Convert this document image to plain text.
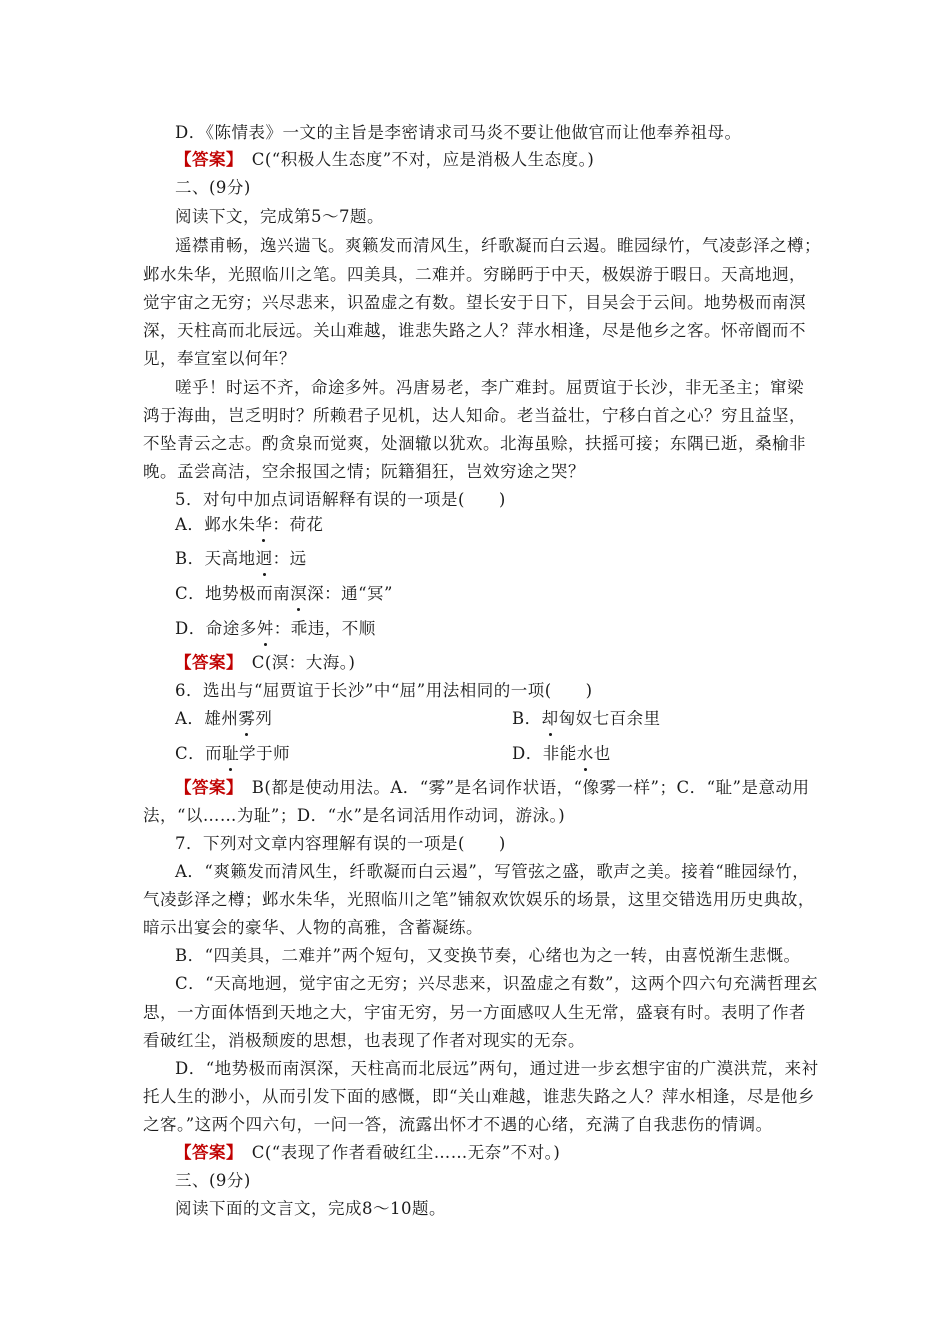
D．《陈情表》一文的主旨是李密请求司马炎不要让他做官而让他奉养祖母。
【答案】　 C(“积极人生态度”不对，应是消极人生态度。)
二、(9分)
阅读下文，完成第5～7题。
遥襟甫畅，逸兴遄飞。爽籁发而清风生，纤歌凝而白云遏。睢园绿竹，气凌彭泽之樽；
邺水朱华，光照临川之笔。四美具，二难并。穷睇眄于中天，极娱游于暇日。天高地迥，
觉宇宙之无穷；兴尽悲来，识盈虚之有数。望长安于日下，目吴会于云间。地势极而南溟
深，天柱高而北辰远。关山难越，谁悲失路之人？萍水相逢，尽是他乡之客。怀帝阍而不
见，奉宣室以何年？
嗟乎！时运不齐，命途多舛。冯唐易老，李广难封。屈贾谊于长沙，非无圣主；窜梁
鸿于海曲，岂乏明时？所赖君子见机，达人知命。老当益壮，宁移白首之心？穷且益坚，
不坠青云之志。酌贪泉而觉爽，处涸辙以犹欢。北海虽赊，扶摇可接；东隅已逝，桑榆非
晚。孟尝高洁，空余报国之情；阮籍猖狂，岂效穷途之哭？
5．对句中加点词语解释有误的一项是(　　)
A．邺水朱华：荷花
B．天高地迥：远
C．地势极而南溟深：通“冥”
D．命途多舛：乖违，不顺
【答案】　 C(溟：大海。)
6．选出与“屈贾谊于长沙”中“屈”用法相同的一项(　　)
A．雄州雾列	B．却匈奴七百余里
C．而耻学于师	D．非能水也
【答案】　 B(都是使动用法。A．“雾”是名词作状语，“像雾一样”；C．“耻”是意动用
法，“以……为耻”；D．“水”是名词活用作动词，游泳。)
7．下列对文章内容理解有误的一项是(　　)
A．“爽籁发而清风生，纤歌凝而白云遏”，写管弦之盛，歌声之美。接着“睢园绿竹，
气凌彭泽之樽；邺水朱华，光照临川之笔”铺叙欢饮娱乐的场景，这里交错选用历史典故，
暗示出宴会的豪华、人物的高雅，含蓄凝练。
B．“四美具，二难并”两个短句，又变换节奏，心绪也为之一转，由喜悦渐生悲慨。
C．“天高地迥，觉宇宙之无穷；兴尽悲来，识盈虚之有数”，这两个四六句充满哲理玄
思，一方面体悟到天地之大，宇宙无穷，另一方面感叹人生无常，盛衰有时。表明了作者
看破红尘，消极颓废的思想，也表现了作者对现实的无奈。
D．“地势极而南溟深，天柱高而北辰远”两句，通过进一步玄想宇宙的广漠洪荒，来衬
托人生的渺小，从而引发下面的感慨，即“关山难越，谁悲失路之人？萍水相逢，尽是他乡
之客。”这两个四六句，一问一答，流露出怀才不遇的心绪，充满了自我悲伤的情调。
【答案】　 C(“表现了作者看破红尘……无奈”不对。)
三、(9分)
阅读下面的文言文，完成8～10题。
